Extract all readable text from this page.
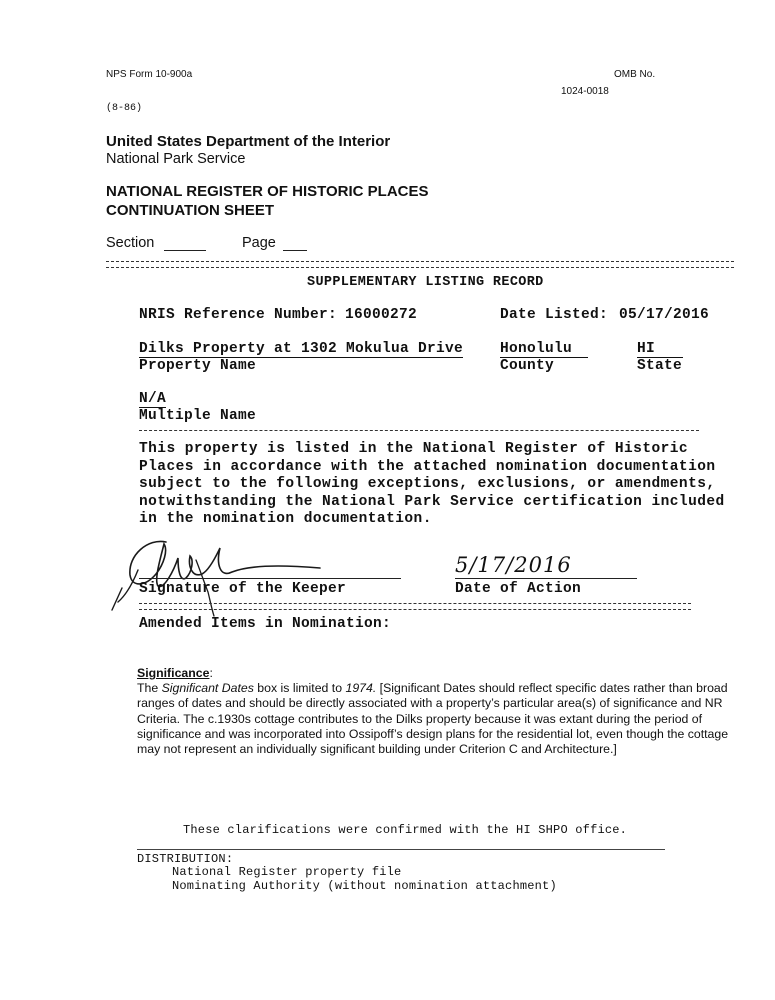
NPS Form 10-900a	OMB No.
1024-0018
(8-86)
United States Department of the Interior
National Park Service
NATIONAL REGISTER OF HISTORIC PLACES
CONTINUATION SHEET
Section	Page
SUPPLEMENTARY LISTING RECORD
NRIS Reference Number: 16000272	Date Listed: 05/17/2016
Dilks Property at 1302 Mokulua Drive
Property Name
Honolulu
County
HI
State
N/A
Multiple Name
This property is listed in the National Register of Historic
Places in accordance with the attached nomination documentation
subject to the following exceptions, exclusions, or amendments,
notwithstanding the National Park Service certification included
in the nomination documentation.
Signature of the Keeper
5/17/2016
Date of Action
Amended Items in Nomination:
Significance:
The Significant Dates box is limited to 1974. [Significant Dates should reflect specific dates rather than broad ranges of dates and should be directly associated with a property’s particular area(s) of significance and NR Criteria. The c.1930s cottage contributes to the Dilks property because it was extant during the period of significance and was incorporated into Ossipoff’s design plans for the residential lot, even though the cottage may not represent an individually significant building under Criterion C and Architecture.]
These clarifications were confirmed with the HI SHPO office.
DISTRIBUTION:
National Register property file
Nominating Authority (without nomination attachment)
